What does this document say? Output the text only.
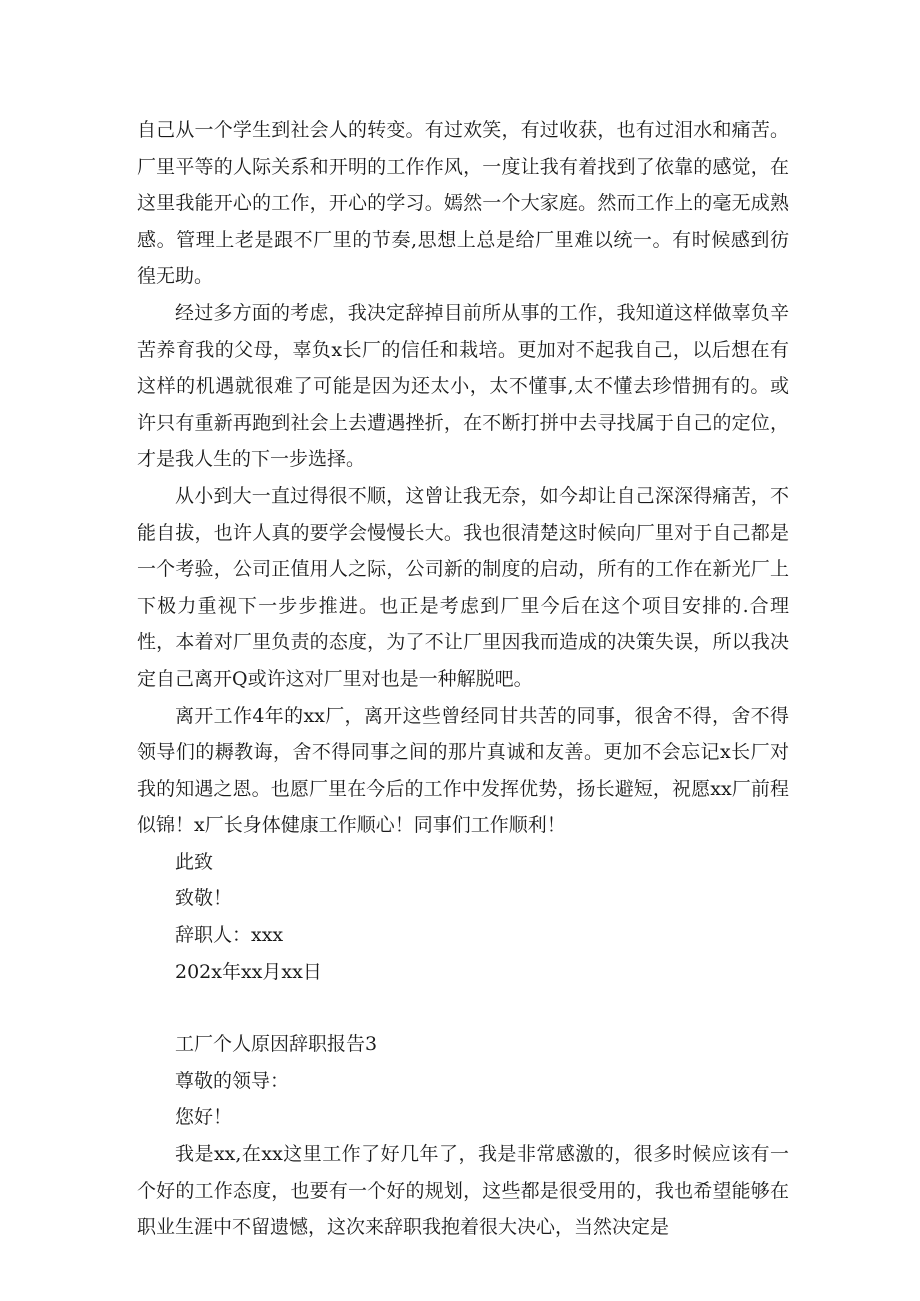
自己从一个学生到社会人的转变。有过欢笑，有过收获，也有过泪水和痛苦。厂里平等的人际关系和开明的工作作风，一度让我有着找到了依靠的感觉，在这里我能开心的工作，开心的学习。嫣然一个大家庭。然而工作上的毫无成熟感。管理上老是跟不厂里的节奏,思想上总是给厂里难以统一。有时候感到彷徨无助。

经过多方面的考虑，我决定辞掉目前所从事的工作，我知道这样做辜负辛苦养育我的父母，辜负x长厂的信任和栽培。更加对不起我自己，以后想在有这样的机遇就很难了可能是因为还太小，太不懂事,太不懂去珍惜拥有的。或许只有重新再跑到社会上去遭遇挫折，在不断打拼中去寻找属于自己的定位，才是我人生的下一步选择。

从小到大一直过得很不顺，这曾让我无奈，如今却让自己深深得痛苦，不能自拔，也许人真的要学会慢慢长大。我也很清楚这时候向厂里对于自己都是一个考验，公司正值用人之际，公司新的制度的启动，所有的工作在新光厂上下极力重视下一步步推进。也正是考虑到厂里今后在这个项目安排的.合理性，本着对厂里负责的态度，为了不让厂里因我而造成的决策失误，所以我决定自己离开Q或许这对厂里对也是一种解脱吧。

离开工作4年的xx厂，离开这些曾经同甘共苦的同事，很舍不得，舍不得领导们的耨教诲，舍不得同事之间的那片真诚和友善。更加不会忘记x长厂对我的知遇之恩。也愿厂里在今后的工作中发挥优势，扬长避短，祝愿xx厂前程似锦！x厂长身体健康工作顺心！同事们工作顺利！

此致

致敬！

辞职人：xxx

202x年xx月xx日

工厂个人原因辞职报告3

尊敬的领导：

您好！

我是xx,在xx这里工作了好几年了，我是非常感激的，很多时候应该有一个好的工作态度，也要有一个好的规划，这些都是很受用的，我也希望能够在职业生涯中不留遗憾，这次来辞职我抱着很大决心，当然决定是
